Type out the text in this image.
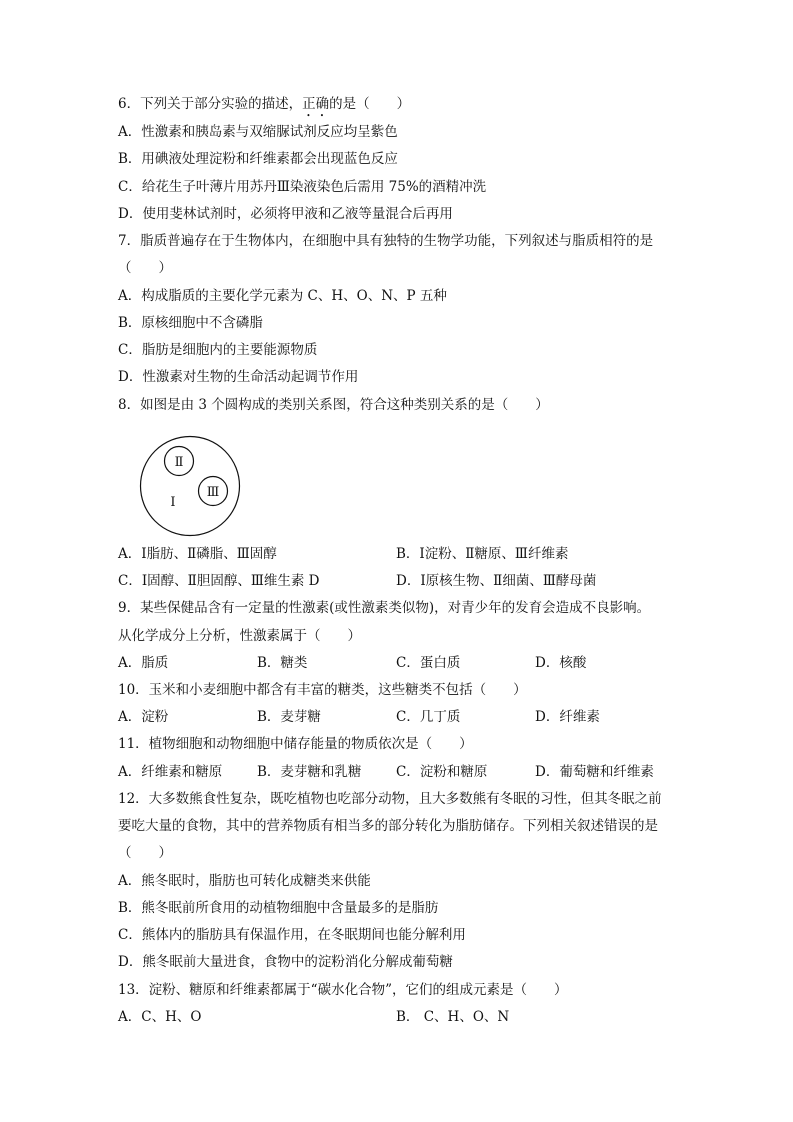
6．下列关于部分实验的描述，正确的是（　　）
A．性激素和胰岛素与双缩脲试剂反应均呈紫色
B．用碘液处理淀粉和纤维素都会出现蓝色反应
C．给花生子叶薄片用苏丹Ⅲ染液染色后需用 75%的酒精冲洗
D．使用斐林试剂时，必须将甲液和乙液等量混合后再用
7．脂质普遍存在于生物体内，在细胞中具有独特的生物学功能，下列叙述与脂质相符的是
（　　）
A．构成脂质的主要化学元素为 C、H、O、N、P 五种
B．原核细胞中不含磷脂
C．脂肪是细胞内的主要能源物质
D．性激素对生物的生命活动起调节作用
8．如图是由 3 个圆构成的类别关系图，符合这种类别关系的是（　　）
Ⅱ
Ⅲ
Ⅰ
A．Ⅰ脂肪、Ⅱ磷脂、Ⅲ固醇	B．Ⅰ淀粉、Ⅱ糖原、Ⅲ纤维素
C．Ⅰ固醇、Ⅱ胆固醇、Ⅲ维生素 D	D．Ⅰ原核生物、Ⅱ细菌、Ⅲ酵母菌
9．某些保健品含有一定量的性激素(或性激素类似物)，对青少年的发育会造成不良影响。
从化学成分上分析，性激素属于（　　）
A．脂质	B．糖类	C．蛋白质	D．核酸
10．玉米和小麦细胞中都含有丰富的糖类，这些糖类不包括（　　）
A．淀粉	B．麦芽糖	C．几丁质	D．纤维素
11．植物细胞和动物细胞中储存能量的物质依次是（　　）
A．纤维素和糖原	B．麦芽糖和乳糖	C．淀粉和糖原	D．葡萄糖和纤维素
12．大多数熊食性复杂，既吃植物也吃部分动物，且大多数熊有冬眠的习性，但其冬眠之前
要吃大量的食物，其中的营养物质有相当多的部分转化为脂肪储存。下列相关叙述错误的是
（　　）
A．熊冬眠时，脂肪也可转化成糖类来供能
B．熊冬眠前所食用的动植物细胞中含量最多的是脂肪
C．熊体内的脂肪具有保温作用，在冬眠期间也能分解利用
D．熊冬眠前大量进食，食物中的淀粉消化分解成葡萄糖
13．淀粉、糖原和纤维素都属于“碳水化合物”，它们的组成元素是（　　）
A．C、H、O	B． C、H、O、N
